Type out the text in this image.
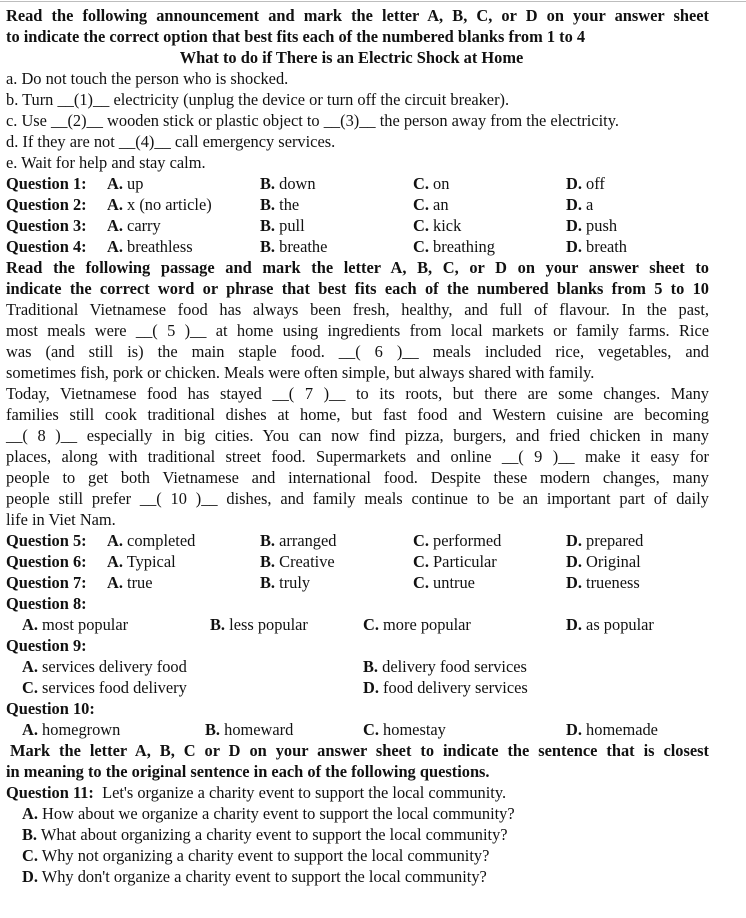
Read the following announcement and mark the letter A, B, C, or D on your answer sheet
to indicate the correct option that best fits each of the numbered blanks from 1 to 4
What to do if There is an Electric Shock at Home
a. Do not touch the person who is shocked.
b. Turn __(1)__ electricity (unplug the device or turn off the circuit breaker).
c. Use __(2)__ wooden stick or plastic object to __(3)__ the person away from the electricity.
d. If they are not __(4)__ call emergency services.
e. Wait for help and stay calm.
Question 1: A. up	B. down	C. on	D. off
Question 2: A. x (no article)	B. the	C. an	D. a
Question 3: A. carry	B. pull	C. kick	D. push
Question 4: A. breathless	B. breathe	C. breathing	D. breath
Read the following passage and mark the letter A, B, C, or D on your answer sheet to
indicate the correct word or phrase that best fits each of the numbered blanks from 5 to 10
Traditional Vietnamese food has always been fresh, healthy, and full of flavour. In the past,
most meals were __( 5 )__ at home using ingredients from local markets or family farms. Rice
was (and still is) the main staple food. __( 6 )__ meals included rice, vegetables, and
sometimes fish, pork or chicken. Meals were often simple, but always shared with family.
Today, Vietnamese food has stayed __( 7 )__ to its roots, but there are some changes. Many
families still cook traditional dishes at home, but fast food and Western cuisine are becoming
__( 8 )__ especially in big cities. You can now find pizza, burgers, and fried chicken in many
places, along with traditional street food. Supermarkets and online __( 9 )__ make it easy for
people to get both Vietnamese and international food. Despite these modern changes, many
people still prefer __( 10 )__ dishes, and family meals continue to be an important part of daily
life in Viet Nam.
Question 5: A. completed	B. arranged	C. performed	D. prepared
Question 6: A. Typical	B. Creative	C. Particular	D. Original
Question 7: A. true	B. truly	C. untrue	D. trueness
Question 8:
A. most popular	B. less popular	C. more popular	D. as popular
Question 9:
A. services delivery food	B. delivery food services
C. services food delivery	D. food delivery services
Question 10:
A. homegrown	B. homeward	C. homestay	D. homemade
Mark the letter A, B, C or D on your answer sheet to indicate the sentence that is closest
in meaning to the original sentence in each of the following questions.
Question 11: Let's organize a charity event to support the local community.
A. How about we organize a charity event to support the local community?
B. What about organizing a charity event to support the local community?
C. Why not organizing a charity event to support the local community?
D. Why don't organize a charity event to support the local community?
